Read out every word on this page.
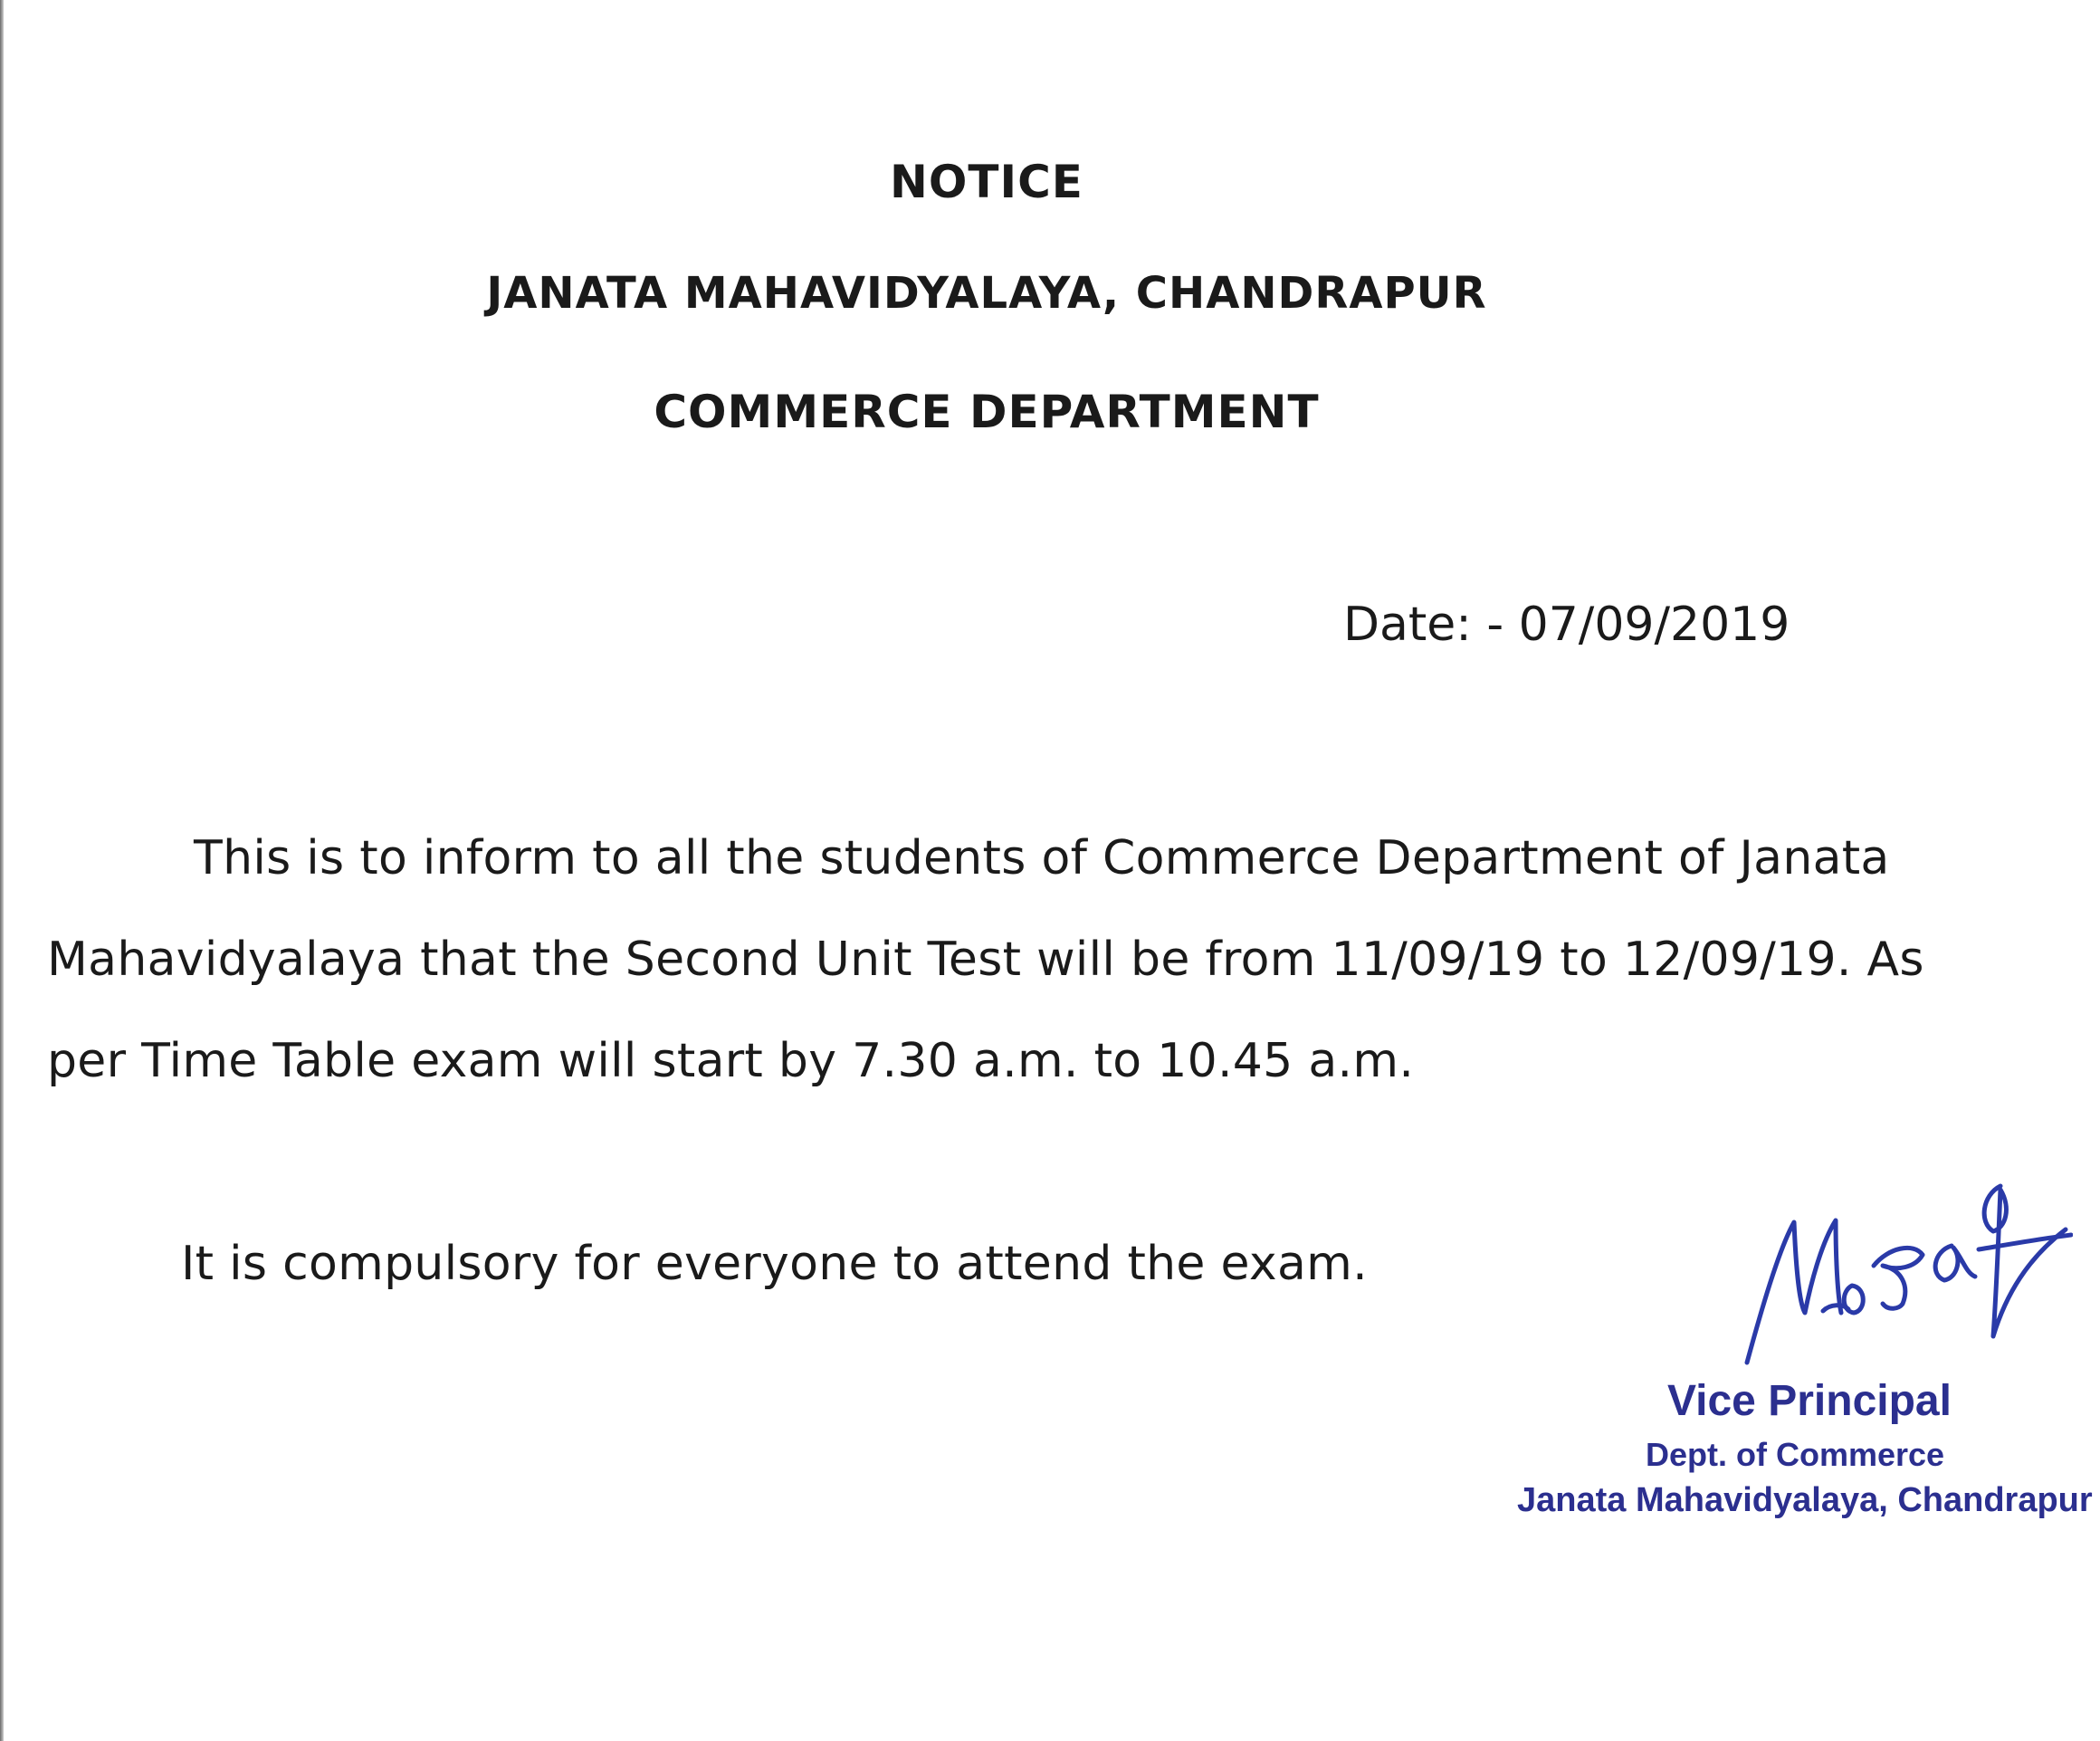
NOTICE
JANATA MAHAVIDYALAYA, CHANDRAPUR
COMMERCE DEPARTMENT
Date: - 07/09/2019
This is to inform to all the students of Commerce Department of Janata
Mahavidyalaya that the Second Unit Test will be from 11/09/19 to 12/09/19. As
per Time Table exam will start by 7.30 a.m. to 10.45 a.m.
It is compulsory for everyone to attend the exam.
Vice Principal
Dept. of Commerce
Janata Mahavidyalaya, Chandrapur
